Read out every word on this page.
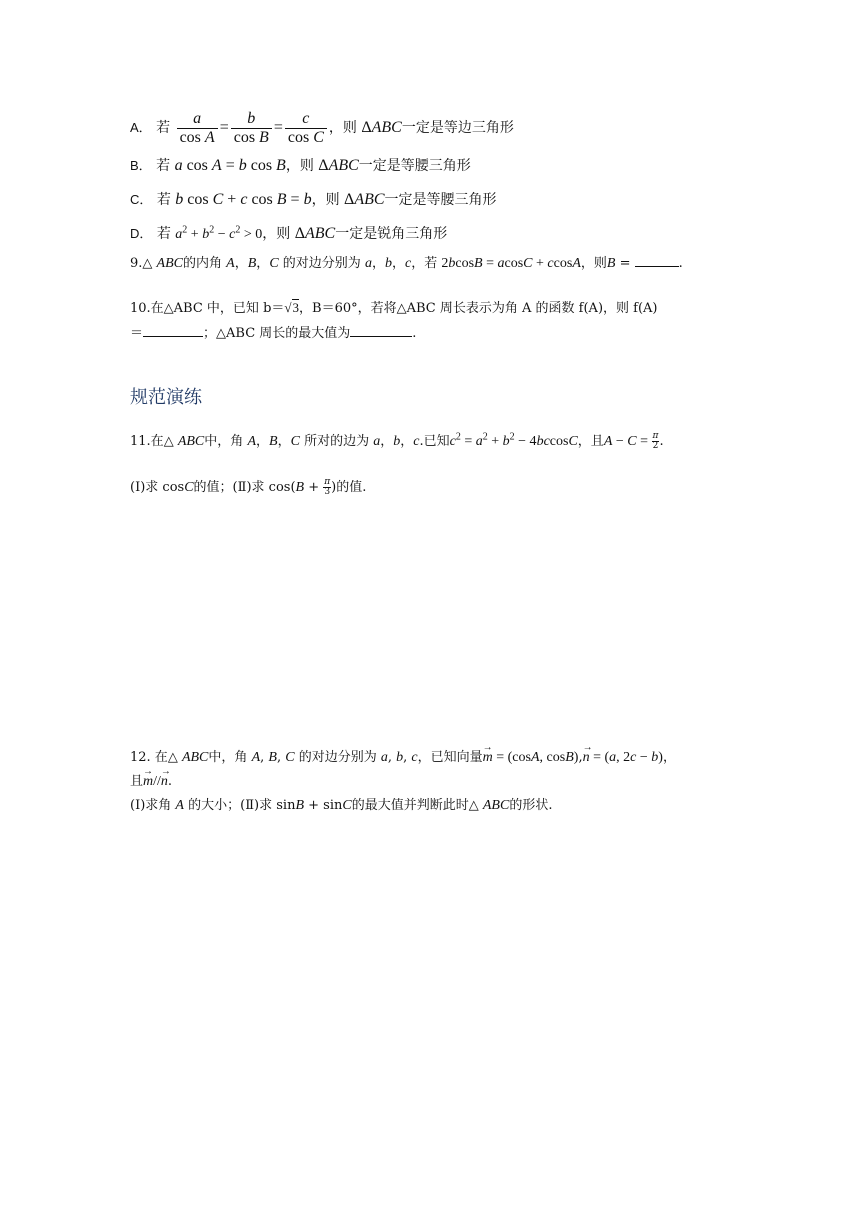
A． 若 $\frac{a}{\text{cos A}} = \frac{b}{\text{cos B}} = \frac{c}{\text{cos C}}$ ，则 ΔABC一定是等边三角形
B． 若 a cos A = b cos B，则 ΔABC一定是等腰三角形
C． 若 b cos C + c cos B = b，则 ΔABC一定是等腰三角形
D． 若 $a^2 + b^2 - c^2 > 0$，则 ΔABC一定是锐角三角形
9.△ ABC的内角 A，B，C 的对边分别为 a，b，c，若 2bcosB = acosC + ccosA，则B =	.
10.在△ABC 中，已知 b＝√3，B＝60°，若将△ABC 周长表示为角 A 的函数 f(A)，则 f(A)
＝	；△ABC 周长的最大值为	.
规范演练
11.在△ ABC中，角 A，B，C 所对的边为 a，b，c.已知$c^2 = a^2 + b^2 - 4bccosC$，且$A - C = \frac{\pi}{2}$ .
(Ⅰ)求 cosC的值；(Ⅱ)求 $\cos(B + \frac{\pi}{3}$ )的值.
12. 在△ ABC中，角 A, B, C 的对边分别为 a, b, c，已知向量→ m = (cosA, cosB),→ n = (a, 2c − b)，
且→ m//→ n.
(Ⅰ)求角 A 的大小；(Ⅱ)求 sinB + sinC的最大值并判断此时△ ABC的形状.
